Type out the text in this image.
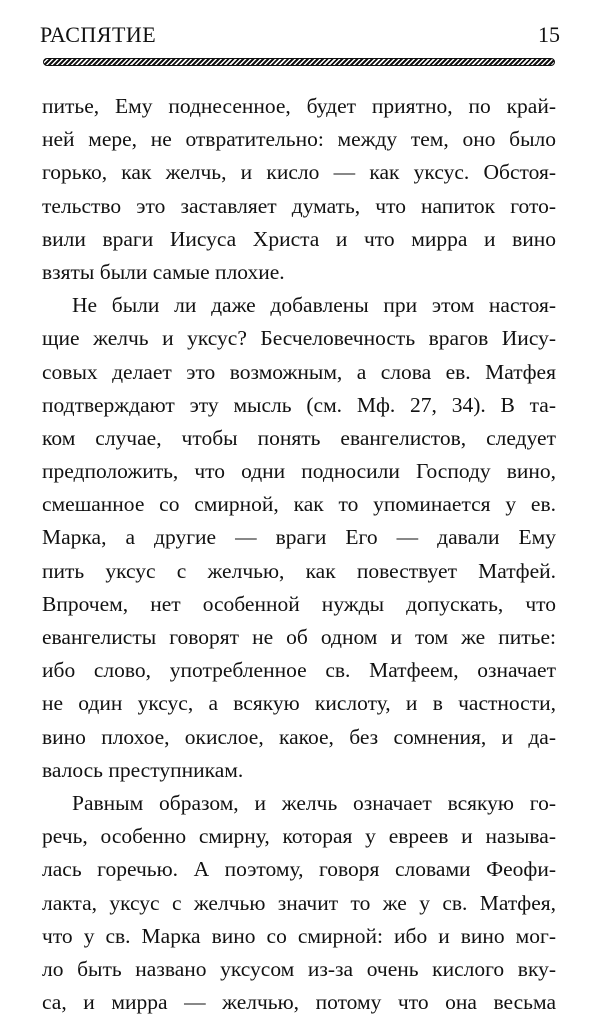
РАСПЯТИЕ	15
питье, Ему поднесенное, будет приятно, по край-
ней мере, не отвратительно: между тем, оно было
горько, как желчь, и кисло — как уксус. Обстоя-
тельство это заставляет думать, что напиток гото-
вили враги Иисуса Христа и что мирра и вино
взяты были самые плохие.
Не были ли даже добавлены при этом настоя-
щие желчь и уксус? Бесчеловечность врагов Иису-
совых делает это возможным, а слова ев. Матфея
подтверждают эту мысль (см. Мф. 27, 34). В та-
ком случае, чтобы понять евангелистов, следует
предположить, что одни подносили Господу вино,
смешанное со смирной, как то упоминается у ев.
Марка, а другие — враги Его — давали Ему
пить уксус с желчью, как повествует Матфей.
Впрочем, нет особенной нужды допускать, что
евангелисты говорят не об одном и том же питье:
ибо слово, употребленное св. Матфеем, означает
не один уксус, а всякую кислоту, и в частности,
вино плохое, окислое, какое, без сомнения, и да-
валось преступникам.
Равным образом, и желчь означает всякую го-
речь, особенно смирну, которая у евреев и называ-
лась горечью. А поэтому, говоря словами Феофи-
лакта, уксус с желчью значит то же у св. Матфея,
что у св. Марка вино со смирной: ибо и вино мог-
ло быть названо уксусом из-за очень кислого вку-
са, и мирра — желчью, потому что она весьма
